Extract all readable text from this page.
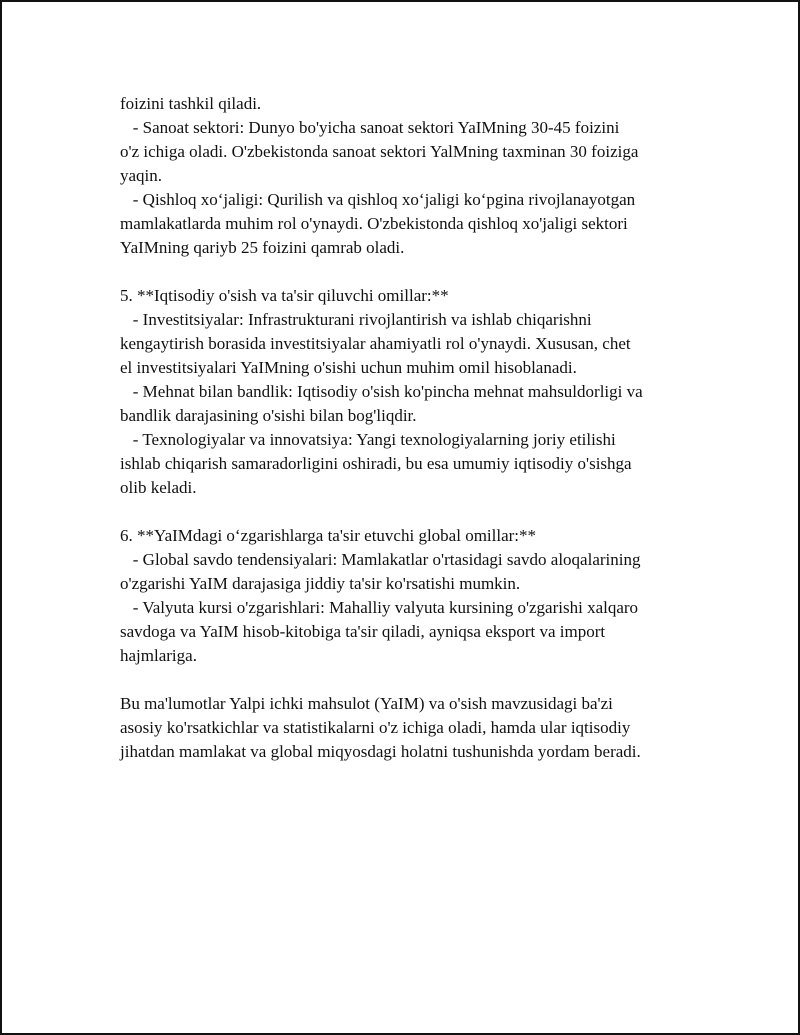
foizini tashkil qiladi.
- Sanoat sektori: Dunyo bo'yicha sanoat sektori YaIMning 30-45 foizini
o'z ichiga oladi. O'zbekistonda sanoat sektori YalMning taxminan 30 foiziga
yaqin.
- Qishloq xo‘jaligi: Qurilish va qishloq xo‘jaligi ko‘pgina rivojlanayotgan
mamlakatlarda muhim rol o'ynaydi. O'zbekistonda qishloq xo'jaligi sektori
YaIMning qariyb 25 foizini qamrab oladi.
5. **Iqtisodiy o'sish va ta'sir qiluvchi omillar:**
- Investitsiyalar: Infrastrukturani rivojlantirish va ishlab chiqarishni
kengaytirish borasida investitsiyalar ahamiyatli rol o'ynaydi. Xususan, chet
el investitsiyalari YaIMning o'sishi uchun muhim omil hisoblanadi.
- Mehnat bilan bandlik: Iqtisodiy o'sish ko'pincha mehnat mahsuldorligi va
bandlik darajasining o'sishi bilan bog'liqdir.
- Texnologiyalar va innovatsiya: Yangi texnologiyalarning joriy etilishi
ishlab chiqarish samaradorligini oshiradi, bu esa umumiy iqtisodiy o'sishga
olib keladi.
6. **YaIMdagi o‘zgarishlarga ta'sir etuvchi global omillar:**
- Global savdo tendensiyalari: Mamlakatlar o'rtasidagi savdo aloqalarining
o'zgarishi YaIM darajasiga jiddiy ta'sir ko'rsatishi mumkin.
- Valyuta kursi o'zgarishlari: Mahalliy valyuta kursining o'zgarishi xalqaro
savdoga va YaIM hisob-kitobiga ta'sir qiladi, ayniqsa eksport va import
hajmlariga.
Bu ma'lumotlar Yalpi ichki mahsulot (YaIM) va o'sish mavzusidagi ba'zi
asosiy ko'rsatkichlar va statistikalarni o'z ichiga oladi, hamda ular iqtisodiy
jihatdan mamlakat va global miqyosdagi holatni tushunishda yordam beradi.
